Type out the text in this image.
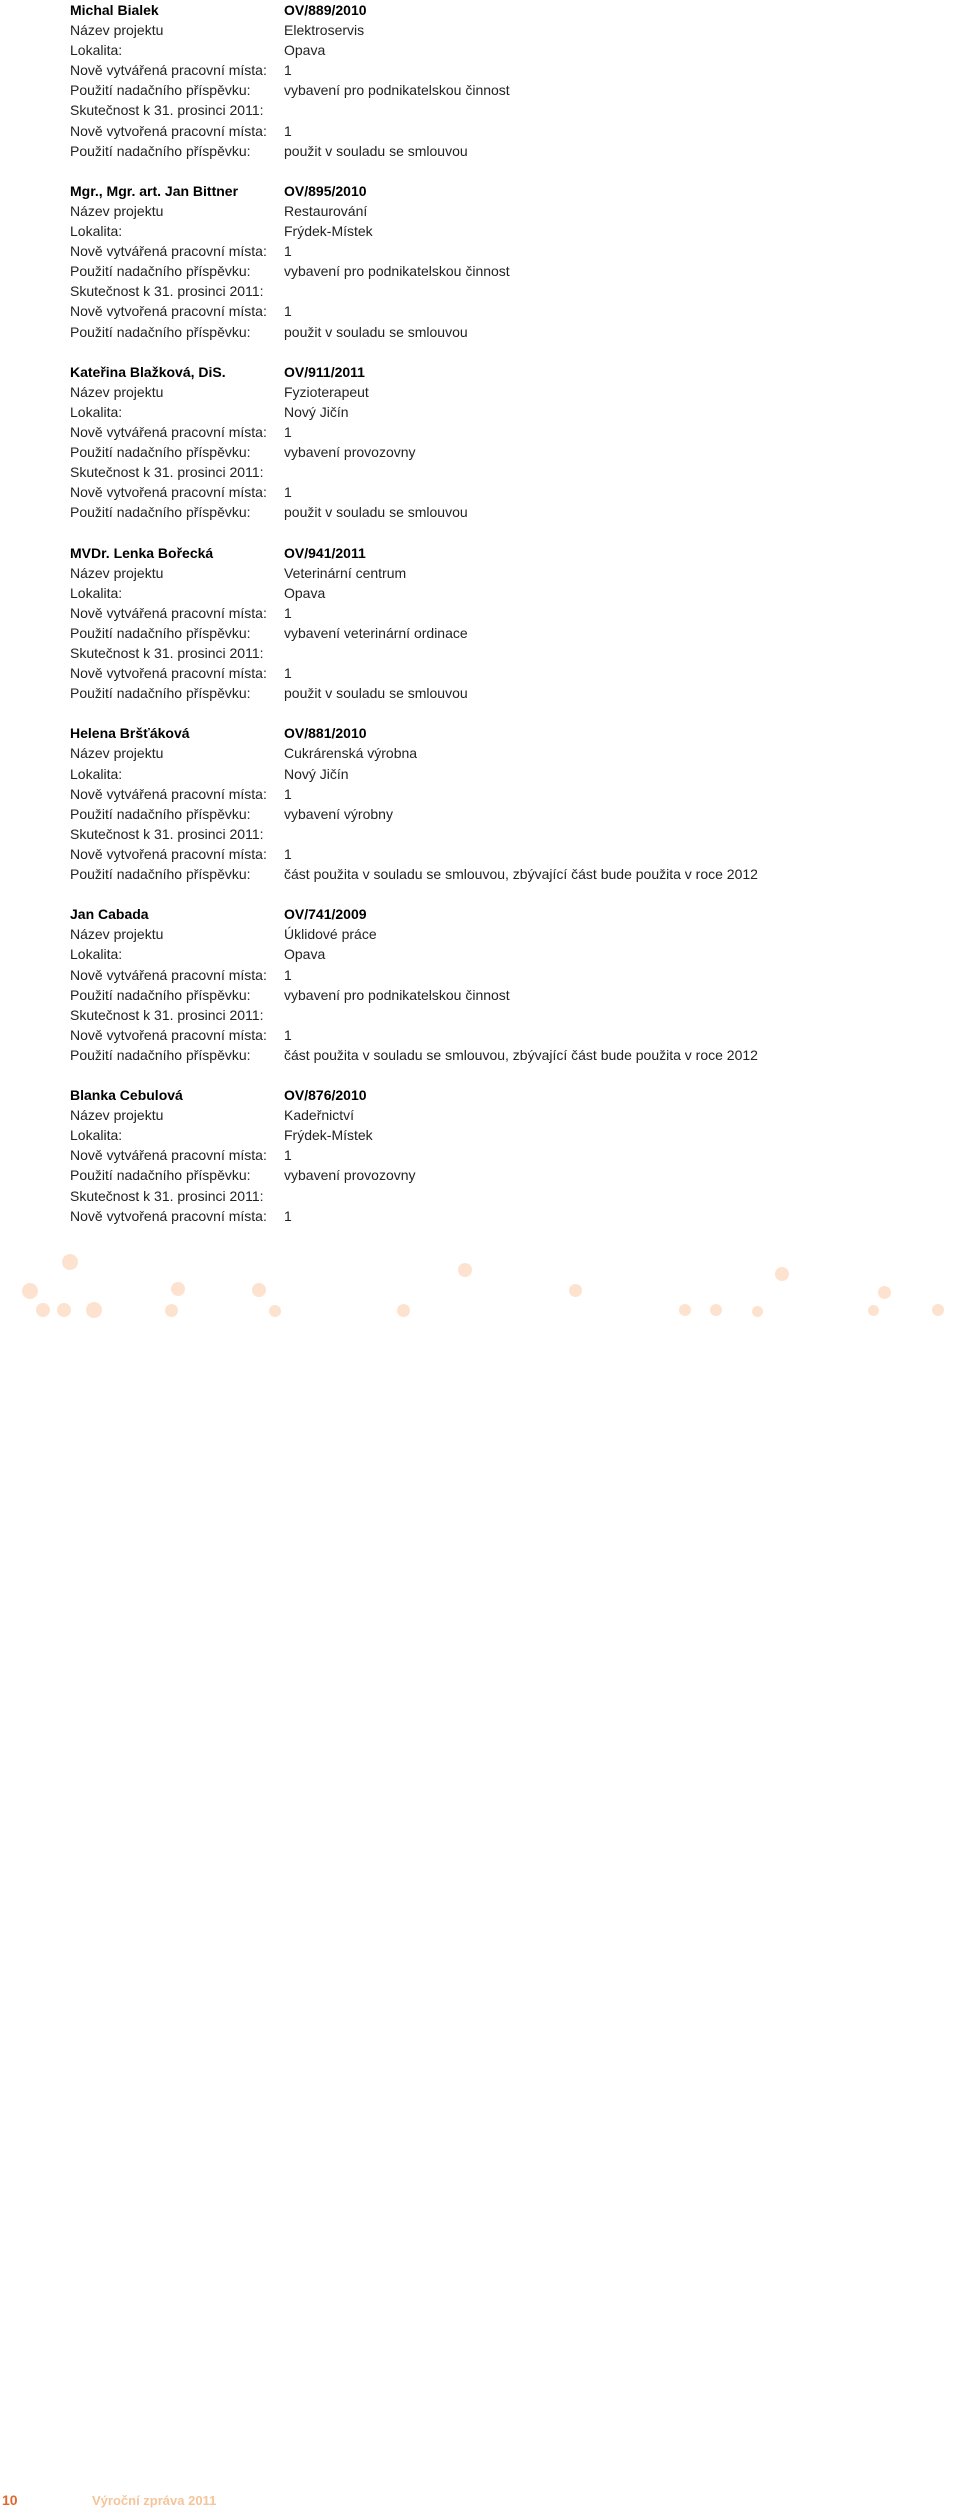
Michal Bialek	OV/889/2010
Název projektu	Elektroservis
Lokalita:	Opava
Nově vytvářená pracovní místa:	1
Použití nadačního příspěvku:	vybavení pro podnikatelskou činnost
Skutečnost k 31. prosinci 2011:
Nově vytvořená pracovní místa:	1
Použití nadačního příspěvku:	použit v souladu se smlouvou
Mgr., Mgr. art. Jan Bittner	OV/895/2010
Název projektu	Restaurování
Lokalita:	Frýdek-Místek
Nově vytvářená pracovní místa:	1
Použití nadačního příspěvku:	vybavení pro podnikatelskou činnost
Skutečnost k 31. prosinci 2011:
Nově vytvořená pracovní místa:	1
Použití nadačního příspěvku:	použit v souladu se smlouvou
Kateřina Blažková, DiS.	OV/911/2011
Název projektu	Fyzioterapeut
Lokalita:	Nový Jičín
Nově vytvářená pracovní místa:	1
Použití nadačního příspěvku:	vybavení provozovny
Skutečnost k 31. prosinci 2011:
Nově vytvořená pracovní místa:	1
Použití nadačního příspěvku:	použit v souladu se smlouvou
MVDr. Lenka Bořecká	OV/941/2011
Název projektu	Veterinární centrum
Lokalita:	Opava
Nově vytvářená pracovní místa:	1
Použití nadačního příspěvku:	vybavení veterinární ordinace
Skutečnost k 31. prosinci 2011:
Nově vytvořená pracovní místa:	1
Použití nadačního příspěvku:	použit v souladu se smlouvou
Helena Bršťáková	OV/881/2010
Název projektu	Cukrárenská výrobna
Lokalita:	Nový Jičín
Nově vytvářená pracovní místa:	1
Použití nadačního příspěvku:	vybavení výrobny
Skutečnost k 31. prosinci 2011:
Nově vytvořená pracovní místa:	1
Použití nadačního příspěvku:	část použita v souladu se smlouvou, zbývající část bude použita v roce 2012
Jan Cabada	OV/741/2009
Název projektu	Úklidové práce
Lokalita:	Opava
Nově vytvářená pracovní místa:	1
Použití nadačního příspěvku:	vybavení pro podnikatelskou činnost
Skutečnost k 31. prosinci 2011:
Nově vytvořená pracovní místa:	1
Použití nadačního příspěvku:	část použita v souladu se smlouvou, zbývající část bude použita v roce 2012
Blanka Cebulová	OV/876/2010
Název projektu	Kadeřnictví
Lokalita:	Frýdek-Místek
Nově vytvářená pracovní místa:	1
Použití nadačního příspěvku:	vybavení provozovny
Skutečnost k 31. prosinci 2011:
Nově vytvořená pracovní místa:	1
10	Výroční zpráva 2011
